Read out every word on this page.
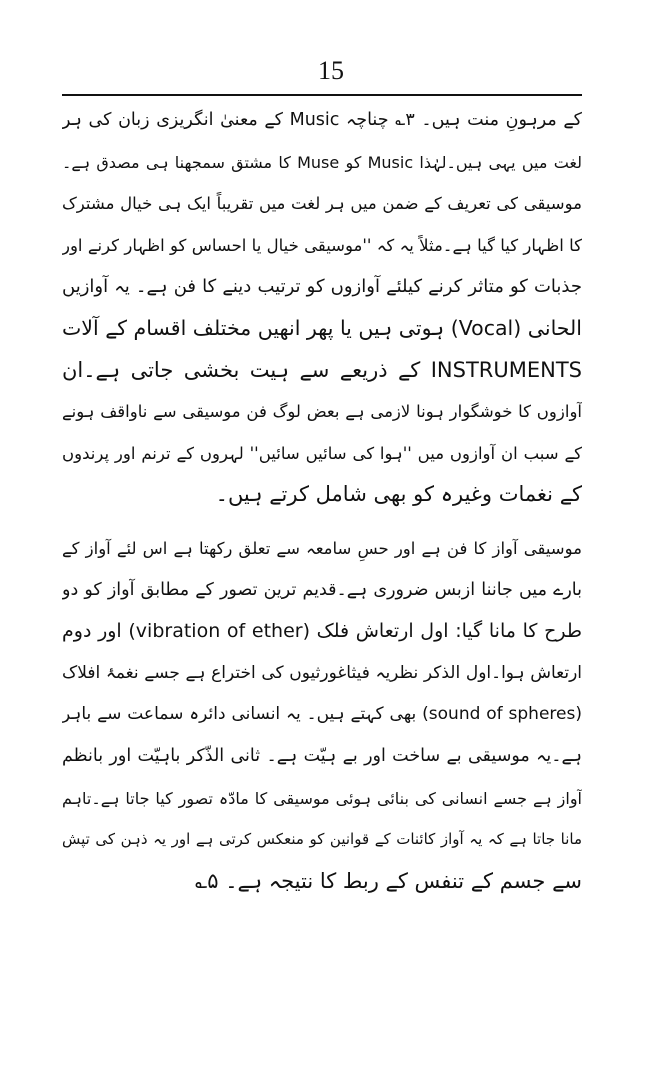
15

کے مرہونِ منت ہیں۔ ۳؎ چناچہ Music کے معنیٰ انگریزی زبان کی ہر
لغت میں یہی ہیں۔لہٰذا Music کو Muse کا مشتق سمجھنا ہی مصدق ہے۔
موسیقی کی تعریف کے ضمن میں ہر لغت میں تقریباً ایک ہی خیال مشترک
کا اظہار کیا گیا ہے۔مثلاً یہ کہ ''موسیقی خیال یا احساس کو اظہار کرنے اور
جذبات کو متاثر کرنے کیلئے آوازوں کو ترتیب دینے کا فن ہے۔ یہ آوازیں
الحانی (Vocal) ہوتی ہیں یا پھر انھیں مختلف اقسام کے آلات
INSTRUMENTS کے ذریعے سے ہیت بخشی جاتی ہے۔ان
آوازوں کا خوشگوار ہونا لازمی ہے بعض لوگ فن موسیقی سے ناواقف ہونے
کے سبب ان آوازوں میں ''ہوا کی سائیں سائیں'' لہروں کے ترنم اور پرندوں
کے نغمات وغیرہ کو بھی شامل کرتے ہیں۔

موسیقی آواز کا فن ہے اور حسِ سامعہ سے تعلق رکھتا ہے اس لئے آواز کے
بارے میں جاننا ازبس ضروری ہے۔قدیم ترین تصور کے مطابق آواز کو دو
طرح کا مانا گیا: اول ارتعاش فلک (vibration of ether) اور دوم
ارتعاش ہوا۔اول الذکر نظریہ فیثاغورثیوں کی اختراع ہے جسے نغمۂ افلاک
(sound of spheres) بھی کہتے ہیں۔ یہ انسانی دائرہ سماعت سے باہر
ہے۔یہ موسیقی بے ساخت اور بے ہیّت ہے۔ ثانی الذّکر باہیّت اور بانظم
آواز ہے جسے انسانی کی بنائی ہوئی موسیقی کا مادّہ تصور کیا جاتا ہے۔تاہم
مانا جاتا ہے کہ یہ آواز کائنات کے قوانین کو منعکس کرتی ہے اور یہ ذہن کی تپش
سے جسم کے تنفس کے ربط کا نتیجہ ہے۔ ۵؎
